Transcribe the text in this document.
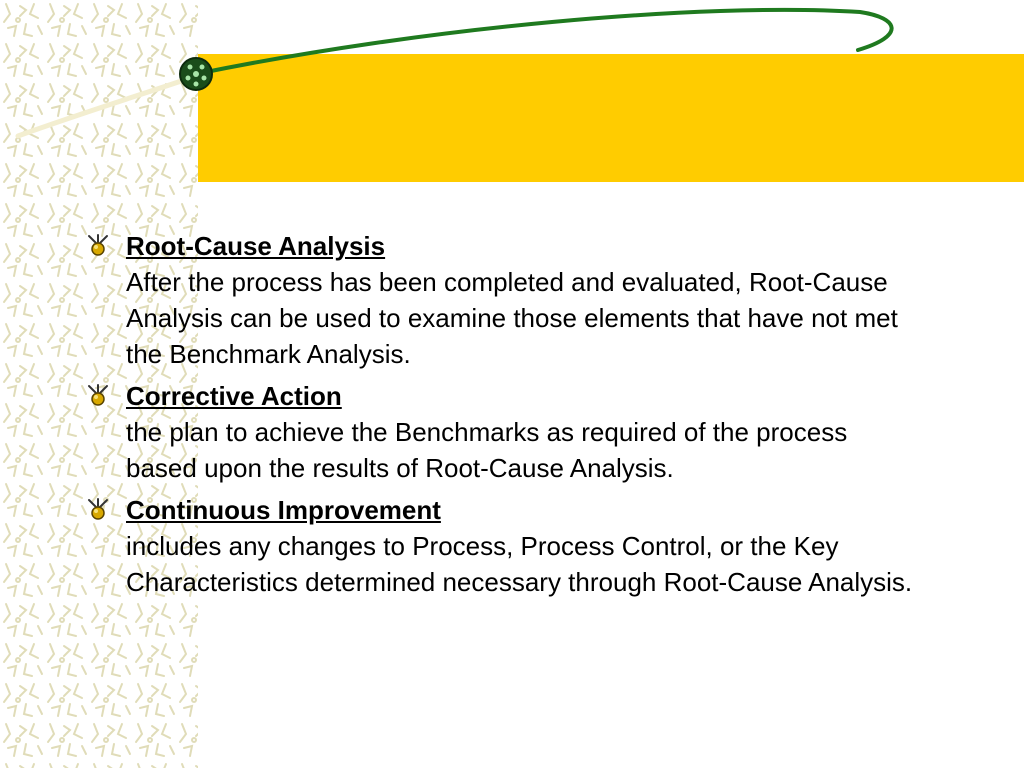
Root-Cause Analysis
After the process has been completed and evaluated, Root-Cause Analysis can be used to examine those elements that have not met the Benchmark Analysis.
Corrective Action
the plan to achieve the Benchmarks as required of the process based upon the results of Root-Cause Analysis.
Continuous Improvement
includes any changes to Process, Process Control, or the Key Characteristics determined necessary through Root-Cause Analysis.
